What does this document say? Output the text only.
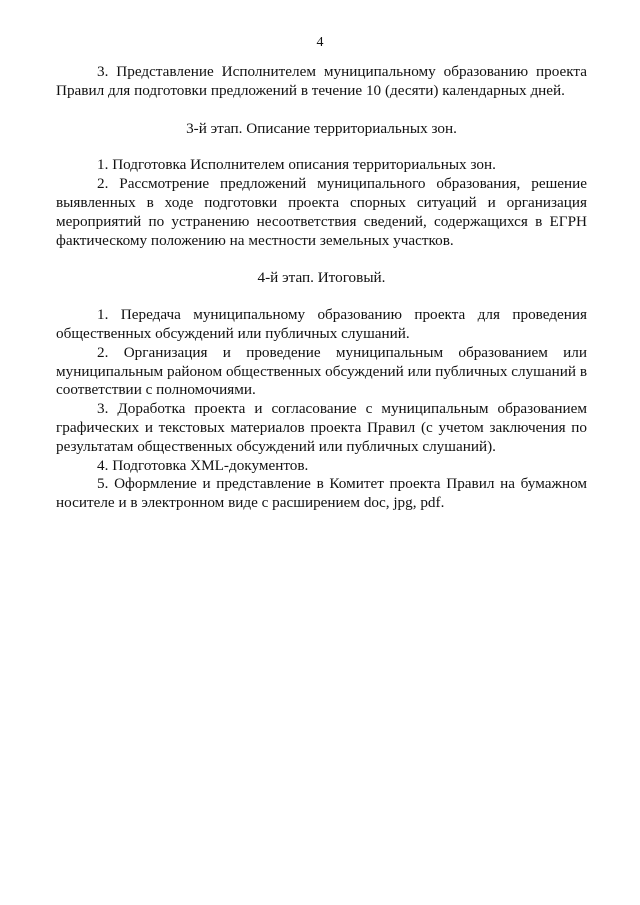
4

3. Представление Исполнителем муниципальному образованию проекта Правил для подготовки предложений в течение 10 (десяти) календарных дней.

3-й этап. Описание территориальных зон.

1. Подготовка Исполнителем описания территориальных зон.

2. Рассмотрение предложений муниципального образования, решение выявленных в ходе подготовки проекта спорных ситуаций и организация мероприятий по устранению несоответствия сведений, содержащихся в ЕГРН фактическому положению на местности земельных участков.

4-й этап. Итоговый.

1. Передача муниципальному образованию проекта для проведения общественных обсуждений или публичных слушаний.

2. Организация и проведение муниципальным образованием или муниципальным районом общественных обсуждений или публичных слушаний в соответствии с полномочиями.

3. Доработка проекта и согласование с муниципальным образованием графических и текстовых материалов проекта Правил (с учетом заключения по результатам общественных обсуждений или публичных слушаний).

4. Подготовка XML-документов.

5. Оформление и представление в Комитет проекта Правил на бумажном носителе и в электронном виде с расширением doc, jpg, pdf.
